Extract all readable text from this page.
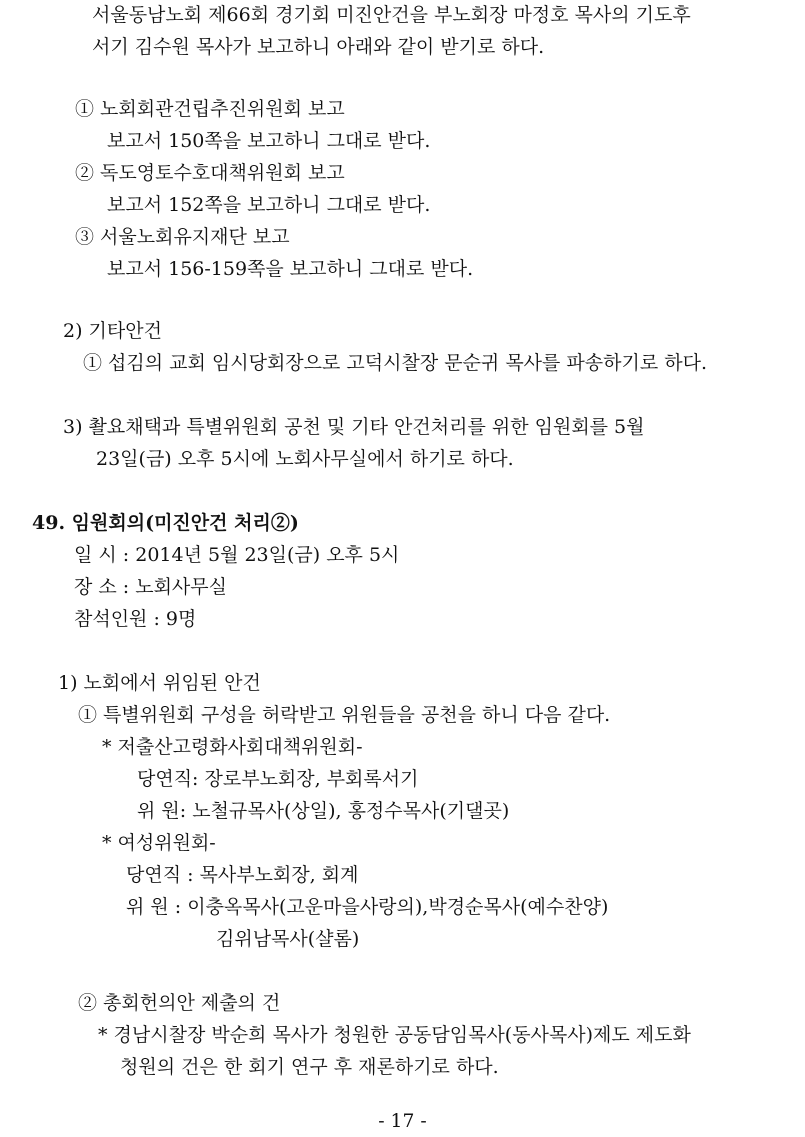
서울동남노회 제66회 경기회 미진안건을 부노회장 마정호 목사의 기도후
서기 김수원 목사가 보고하니 아래와 같이 받기로 하다.
① 노회회관건립추진위원회 보고
보고서 150쪽을 보고하니 그대로 받다.
② 독도영토수호대책위원회 보고
보고서 152쪽을 보고하니 그대로 받다.
③ 서울노회유지재단 보고
보고서 156-159쪽을 보고하니 그대로 받다.
2) 기타안건
① 섭김의 교회 임시당회장으로 고덕시찰장 문순귀 목사를 파송하기로 하다.
3) 촬요채택과 특별위원회 공천 및 기타 안건처리를 위한 임원회를 5월
23일(금) 오후 5시에 노회사무실에서 하기로 하다.
49. 임원회의(미진안건 처리②)
일 시 : 2014년 5월 23일(금) 오후 5시
장 소 : 노회사무실
참석인원 : 9명
1) 노회에서 위임된 안건
① 특별위원회 구성을 허락받고 위원들을 공천을 하니 다음 같다.
* 저출산고령화사회대책위원회-
당연직: 장로부노회장, 부회록서기
위 원: 노철규목사(상일), 홍정수목사(기댈곳)
* 여성위원회-
당연직 : 목사부노회장, 회계
위 원 : 이충옥목사(고운마을사랑의),박경순목사(예수찬양)
김위남목사(샬롬)
② 총회헌의안 제출의 건
* 경남시찰장 박순희 목사가 청원한 공동담임목사(동사목사)제도 제도화
청원의 건은 한 회기 연구 후 재론하기로 하다.
- 17 -
